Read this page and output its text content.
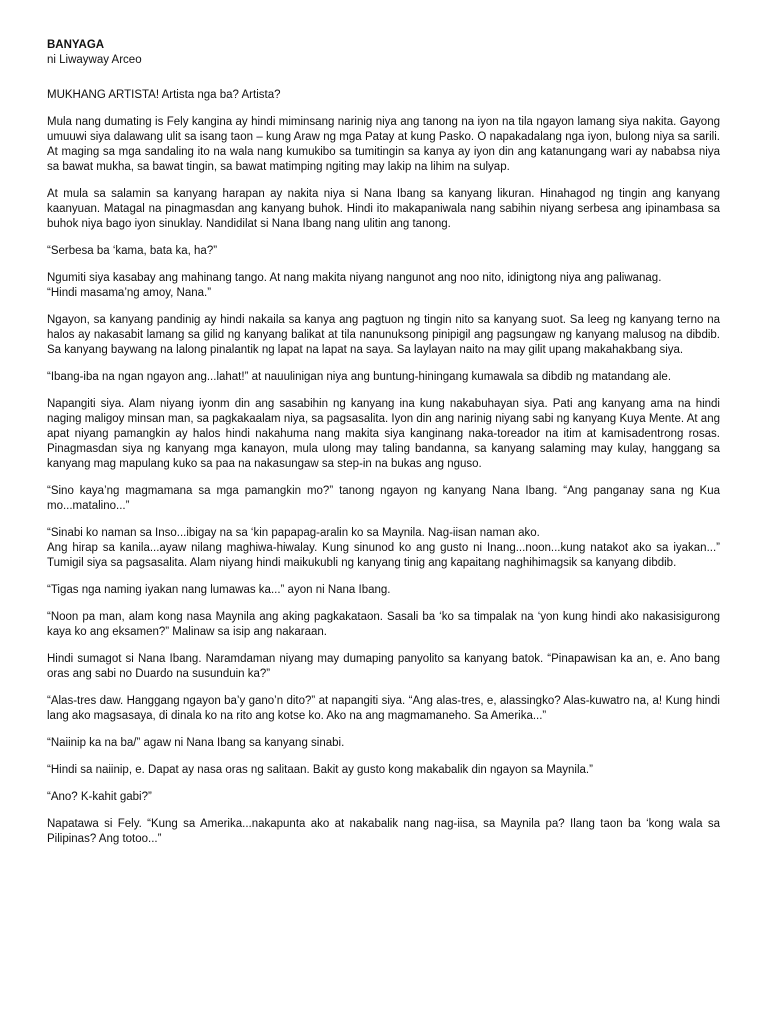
BANYAGA

ni Liwayway Arceo

MUKHANG ARTISTA! Artista nga ba? Artista?

Mula nang dumating is Fely kangina ay hindi miminsang narinig niya ang tanong na iyon na tila ngayon lamang siya nakita. Gayong umuuwi siya dalawang ulit sa isang taon – kung Araw ng mga Patay at kung Pasko. O napakadalang nga iyon, bulong niya sa sarili. At maging sa mga sandaling ito na wala nang kumukibo sa tumitingin sa kanya ay iyon din ang katanungang wari ay nababsa niya sa bawat mukha, sa bawat tingin, sa bawat matimping ngiting may lakip na lihim na sulyap.

At mula sa salamin sa kanyang harapan ay nakita niya si Nana Ibang sa kanyang likuran. Hinahagod ng tingin ang kanyang kaanyuan. Matagal na pinagmasdan ang kanyang buhok. Hindi ito makapaniwala nang sabihin niyang serbesa ang ipinambasa sa buhok niya bago iyon sinuklay. Nandidilat si Nana Ibang nang ulitin ang tanong.

“Serbesa ba ‘kama, bata ka, ha?”

Ngumiti siya kasabay ang mahinang tango. At nang makita niyang nangunot ang noo nito, idinigtong niya ang paliwanag.
“Hindi masama’ng amoy, Nana.”

Ngayon, sa kanyang pandinig ay hindi nakaila sa kanya ang pagtuon ng tingin nito sa kanyang suot. Sa leeg ng kanyang terno na halos ay nakasabit lamang sa gilid ng kanyang balikat at tila nanunuksong pinipigil ang pagsungaw ng kanyang malusog na dibdib. Sa kanyang baywang na lalong pinalantik ng lapat na lapat na saya. Sa laylayan naito na may gilit upang makahakbang siya.

“Ibang-iba na ngan ngayon ang...lahat!” at nauulinigan niya ang buntung-hiningang kumawala sa dibdib ng matandang ale.

Napangiti siya. Alam niyang iyonm din ang sasabihin ng kanyang ina kung nakabuhayan siya. Pati ang kanyang ama na hindi naging maligoy minsan man, sa pagkakaalam niya, sa pagsasalita. Iyon din ang narinig niyang sabi ng kanyang Kuya Mente. At ang apat niyang pamangkin ay halos hindi nakahuma nang makita siya kanginang naka-toreador na itim at kamisadentrong rosas. Pinagmasdan siya ng kanyang mga kanayon, mula ulong may taling bandanna, sa kanyang salaming may kulay, hanggang sa kanyang mag mapulang kuko sa paa na nakasungaw sa step-in na bukas ang nguso.

“Sino kaya’ng magmamana sa mga pamangkin mo?” tanong ngayon ng kanyang Nana Ibang. “Ang panganay sana ng Kua mo...matalino...”

“Sinabi ko naman sa Inso...ibigay na sa ‘kin papapag-aralin ko sa Maynila. Nag-iisan naman ako.
Ang hirap sa kanila...ayaw nilang maghiwa-hiwalay. Kung sinunod ko ang gusto ni Inang...noon...kung natakot ako sa iyakan...” Tumigil siya sa pagsasalita. Alam niyang hindi maikukubli ng kanyang tinig ang kapaitang naghihimagsik sa kanyang dibdib.

“Tigas nga naming iyakan nang lumawas ka...” ayon ni Nana Ibang.

“Noon pa man, alam kong nasa Maynila ang aking pagkakataon. Sasali ba ‘ko sa timpalak na ‘yon kung hindi ako nakasisigurong kaya ko ang eksamen?” Malinaw sa isip ang nakaraan.

Hindi sumagot si Nana Ibang. Naramdaman niyang may dumaping panyolito sa kanyang batok. “Pinapawisan ka an, e. Ano bang oras ang sabi no Duardo na susunduin ka?”

“Alas-tres daw. Hanggang ngayon ba’y gano’n dito?” at napangiti siya. “Ang alas-tres, e, alassingko? Alas-kuwatro na, a! Kung hindi lang ako magsasaya, di dinala ko na rito ang kotse ko. Ako na ang magmamaneho. Sa Amerika...”

“Naiinip ka na ba/” agaw ni Nana Ibang sa kanyang sinabi.

“Hindi sa naiinip, e. Dapat ay nasa oras ng salitaan. Bakit ay gusto kong makabalik din ngayon sa Maynila.”

“Ano? K-kahit gabi?”

Napatawa si Fely. “Kung sa Amerika...nakapunta ako at nakabalik nang nag-iisa, sa Maynila pa? Ilang taon ba ‘kong wala sa Pilipinas? Ang totoo...”
